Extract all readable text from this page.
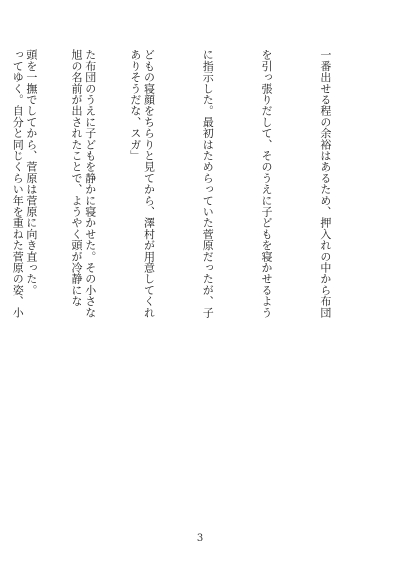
一番出せる程の余裕はあるため、押入れの中から布団

を引っ張りだして、そのうえに子どもを寝かせるよう

に指示した。最初はためらっていた菅原だったが、子

どもの寝顔をちらりと見てから、澤村が用意してくれ

た布団のうえに子どもを静かに寝かせた。その小さな

頭を一撫でしてから、菅原は菅原に向き直った。

	ありそうだな、スガ」

旭の名前が出されたことで、ようやく頭が冷静にな

ってゆく。自分と同じくらい年を重ねた菅原の姿、小

3
